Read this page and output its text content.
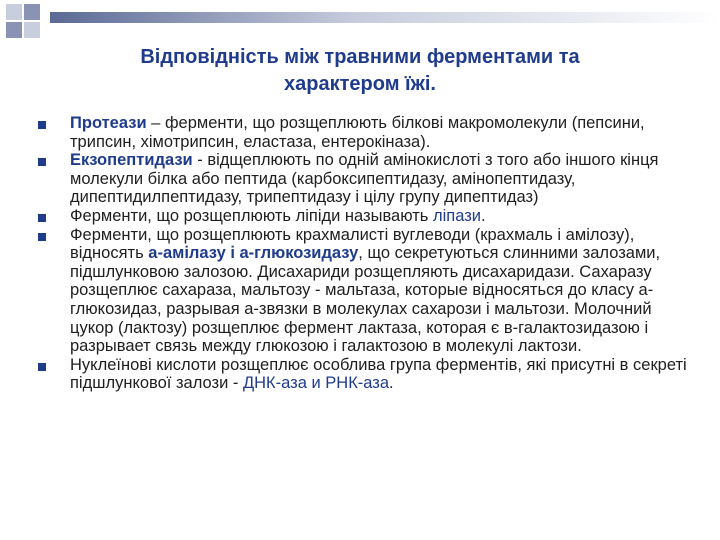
Відповідність між травними ферментами та
характером їжі.
Протеази – ферменти, що розщеплюють білкові макромолекули (пепсини, трипсин, хімотрипсин, еластаза, ентерокіназа).
Екзопептидази - відщеплюють по одній амінокислоті з того або іншого кінця молекули білка або пептида (карбоксипептидазу, амінопептидазу, дипептидилпептидазу, трипептидазу і цілу групу дипептидаз)
Ферменти, що розщеплюють ліпіди называють ліпази.
Ферменти, що розщеплюють крахмалисті вуглеводи (крахмаль і амілозу), відносять а-амілазу і а-глюкозидазу, що секретуються слинними залозами, підшлунковою залозою. Дисахариди розщепляють дисахаридази. Сахаразу розщеплює сахараза, мальтозу - мальтаза, которые відносяться до класу а-глюкозидаз, разрывая а-звязки в молекулах сахарози і мальтози. Молочний цукор (лактозу) розщеплює фермент лактаза, которая є в-галактозидазою і разрывает связь между глюкозою і галактозою в молекулі лактози.
Нуклеїнові кислоти розщеплює особлива група ферментів, які присутні в секреті підшлункової залози - ДНК-аза и РНК-аза.
